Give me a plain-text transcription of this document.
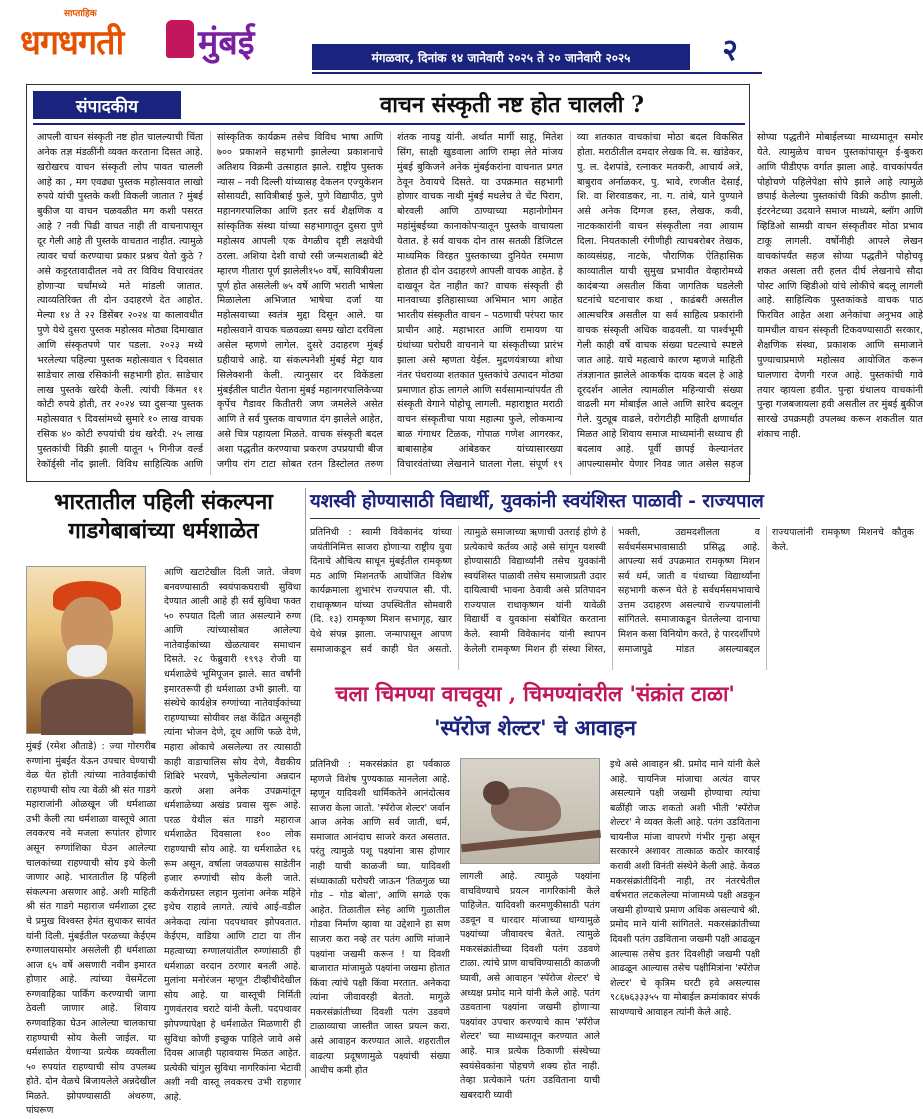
साप्ताहिक
धगधगती मुंबई	मंगळवार, दिनांक १४ जानेवारी २०२५ ते २० जानेवारी २०२५	२
संपादकीय	वाचन संस्कृती नष्ट होत चालली ?
आपली वाचन संस्कृती नष्ट होत चालल्याची चिंता अनेक तज्ञ मंडळींनी व्यक्त करताना दिसत आहे. खरोखरच वाचन संस्कृती लोप पावत चालली आहे का , मग एवढ्या पुस्तक महोत्सवात लाखो रुपये यांची पुस्तके कशी विकली जातात ? मुंबई बुकीज या वाचन चळवळीत मग कशी पसरत आहे ? नवी पिढी वाचत नाही ती वाचनापासून दूर गेली आहे ती पुस्तके वाचतात नाहीत. त्यामुळे त्यावर चर्चा करण्याचा प्रकार प्रश्नच येतो कुठे ? असे कट्टरतावादीतल नवे तर विविध विचारवंतर होणाऱ्या चर्चांमध्ये मते मांडली जातात. त्याव्यतिरिक्त ती दोन उदाहरणे देत आहोत. मेल्या १४ ते २२ डिसेंबर २०२४ या कालावधीत पुणे येथे दुसरा पुस्तक महोत्सव मोठ्या दिमाखात आणि संस्कृतपणे पार पडला. २०२३ मध्ये भरलेल्या पहिल्या पुस्तक महोत्सवात ९ दिवसात साडेचार लाख रसिकांनी सहभागी होत. साडेचार लाख पुस्तके खरेदी केली. त्यांची किंमत ११ कोटी रुपये होती, तर २०२४ च्या दुसऱ्या पुस्तक महोत्सवात ९ दिवसांमध्ये सुमारे १० लाख वाचक रसिक ४० कोटी रुपयांची ग्रंथ खरेदी. २५ लाख पुस्तकांची विक्री झाली यातून ५ गिनीज वर्ल्ड रेकॉर्ड्सी नोंद झाली. विविध साहित्यिक आणि सांस्कृतिक कार्यक्रम तसेच विविध भाषा आणि ७०० प्रकाशने सहभागी झालेल्या प्रकाशनाचे अतिशय विक्रमी उत्साहात झाले. राष्ट्रीय पुस्तक न्यास – नवी दिल्ली यांच्यासह देकलन एज्युकेशन सोसायटी, सावित्रीबाई फुले, पुणे विद्यापीठ, पुणे महानगरपालिका आणि इतर सर्व शैक्षणिक व सांस्कृतिक संस्था यांच्या सहभागातून दुसरा पुणे महोत्सव आपली एक वेगळीच दृष्टी लक्षवेधी ठरला. अशिया देशी वाचो रसी जन्मशताब्दी बेटे म्हारण गीतारा पूर्ण झालेली१५० वर्षे, सावित्रीयला पूर्ण होत असलेली ७५ वर्षे आणि भराती भाषेला मिळालेला अभिजात भाषेचा दर्जा या महोत्सवाच्या स्वतंत्र मुद्दा दिसून आले. या महोत्सवाने वाचक चळवळ्या समग्र खोटा दरविला असेल म्हणणे लागेल. दुसरे उदाहरण मुंबई ग्रहीयाचे आहे. या संकल्पनेशी मुंबई मेट्रा याव सिलेक्शनी केली. त्यानुसार दर विकेंडला मुंबईतील घाटीत येताना मुंबई महानगरपालिकेच्या कृर्पेच गैडावर कितीतरी जण जमलेले असेत आणि ते सर्व पुस्तक वाचणात दंग झालेले आहेत, असे चित्र पहायला मिळते. वाचक संस्कृती बदल अशा पद्धतीत करण्याचा प्रकरण उपप्रयाची बीज जगीय रांग टाटा सोबत रतन डिस्टोलत तरुण शंतक नायडू यांनी. अर्थात मार्गी साहू, मितेश सिंग, साक्षी खुडवाला आणि राम्हा लेते मांजय मुंबई बुकिजने अनेक मुंबईकरांना वाचनात प्रगत ठेवून ठेवायचे दिसते. या उपक्रमात सहभागी होणार वाचक नाथी मुंबई मधलेच ते चेंट पिराग, बोरवली आणि ठाण्याच्या महानोगोमन महांमुंबईच्या कानाकोपऱ्यातून पुस्तके वाचायला येतात. हे सर्व वाचक दोन तास सतळी डिजिटल माध्यमिक विरहत पुस्तकाच्या दुनियेत रममाण होतात ही दोन उदाहरणे आपली वाचक आहेत. हे दाखवून देत नाहीत का? वाचक संस्कृती ही मानवाच्या इतिहासाच्या अभिमान भाग आहेत भारतीय संस्कृतीत वाचन – पठणाची परंपरा फार प्राचीन आहे. महाभारत आणि रामायण या ग्रंथांच्या घरोघरी वाचनाने या संस्कृतीच्या प्रारंभ झाला असे म्हणता येईल. मुद्रणयंत्राच्या शोधा नंतर पंधराव्या शतकात पुस्तकांचे उत्पादन मोठ्या प्रमाणात होऊ लागले आणि सर्वसामान्यांपर्यंत ती संस्कृती वेगाने पोहोचू लागली. महाराष्ट्रात मराठी वाचन संस्कृतीचा पाया महात्मा फुले, लोकमान्य बाळ गंगाधर टिळक, गोपाळ गणेश आगरकर, बाबासाहेब आंबेडकर यांच्यासारख्या विचारवंतांच्या लेखनाने घातला गेला. संपूर्ण १९ व्या शतकात वाचकांचा मोठा बदल विकसित होता. मराठीतील दमदार लेखक वि. स. खांडेकर, पु. ल. देशपांडे, रत्नाकर मतकरी, आचार्य अत्रे, बाबुराव अर्नाळकर, पु. भावे, रणजीत देसाई, शि. वा शिरवाडकर, ना. ग. तांबे, याने पुण्याने असे अनेक दिग्गज हस्त, लेखक, कवी, नाटककारांनी वाचन संस्कृतीला नवा आयाम दिला. नियतकाली रंगीणीही त्याचबरोबर तेखक, काव्यसंग्रह, नाटके, पौराणिक ऐतिहासिक काव्यातील याची सुमुख प्रभावीत वेव्हारोमध्ये कादंबऱ्या असतील किंवा जागतिक घडलेली घटनांचे घटनाचार कथा , काढंबरी असतील आत्मचरित्र असतील या सर्व साहित्य प्रकारांनी वाचक संस्कृती अधिक वाढवली. या पार्श्वभूमी गेली काही वर्षे वाचक संख्या घटल्याचे स्पष्टले जात आहे. याचे महत्वाचे कारण म्हणजे माहिती तंत्रज्ञानात झालेले आकर्षक दायक बदल हे आहे दूरदर्शन आलेत त्यामळील महिन्याची संख्या वाढली मग मोबाईल आले आणि सारेच बदलून गेले. युट्यूब वाढले, वरोगटीही माहिती क्षणार्धात मिळत आहे शिवाय समाज माध्यमांनी सध्याच ही बदलाव आहे. पूर्वी छापई केल्यानंतर आपल्यासमोर येणार निवड जात असेल सहज सोप्या पद्धतीने मोबाईलच्या माध्यमातून समोर येते. त्यामुळेच वाचन पुस्तकांपासून ई-बुकरा आणि पीडीएफ वर्गात झाला आहे. वाचकांपर्यंत पोहोचणे पहिलेपेक्षा सोपे झाले आहे त्यामुळे छपाई केलेल्या पुस्तकांची विक्री कठीण झाली. इंटरनेटच्या उदयाने समाज माध्यमे, ब्लॉग आणि व्हिडिओ सामग्री वाचन संस्कृतीवर मोठा प्रभाव टाकू लागली. वर्षोनीही आपले लेखन वाचकांपर्यंत सहज सोप्या पद्धतीने पोहोचवू शकत असला तरी हलत दीर्घ लेखनाचे सौदा पोस्ट आणि व्हिडीओ यांचे लोकीचे बदलू लागली आहे. साहित्यिक पुस्तकांकडे वाचक पाठ फिरवित आहेत अशा अनेकांचा अनुभव आहे यामधील वाचन संस्कृती टिकवण्यासाठी सरकार, शैक्षणिक संस्था, प्रकाशक आणि समाजाने पुण्याचाप्रमाणे महोत्सव आयोजित करून घालणारा देणगी गरज आहे. पुस्तकांची गावे तयार व्हायला हवीत. पुन्हा ग्रंथालय वाचकांनी पुन्हा गजबजायला हवी असतील तर मुंबई बुकीज सारखे उपक्रमही उपलब्ध करून शकतील यात शंकाच नाही.
भारतातील पहिली संकल्पना
गाडगेबाबांच्या धर्मशाळेत
मुंबई (रमेश औताडे) : ज्या गोरगरीब रुग्णांना मुंबईत येऊन उपचार घेण्याची वेळ येत होती त्यांच्या नातेवाईकांची राहण्याची सोय त्या वेळी श्री संत गाडगे महाराजांनी ओळखून जी धर्मशाळा उभी केली त्या धर्मशाळा वास्तूचे आता लवकरच नवे मजला रूपांतर होणार असून रुग्णांशिका घेउन आलेल्या चालकांच्या राहण्याची सोय इथे केली जाणार आहे. भारतातील हि पहिली संकल्पना असणार आहे. अशी माहिती श्री संत गाडगे महाराज धर्मशाळा ट्रस्ट चे प्रमुख विश्वस्त हेमंत सुधाकर सावंत यांनी दिली. मुंबईतील परळच्या केईएम रुग्णालयासमोर असलेली ही धर्मशाळा आज ६५ वर्षे असणारी नवीन इमारत होणार आहे. त्यांच्या वेसमेंटला रुग्णवाहिका पार्किंग करण्याची जागा ठेवली जाणार आहे. शिवाय रुग्णवाहिका घेउन आलेल्या चालकाचा राहण्याची सोय केली जाईल. या धर्मशाळेत येणाऱ्या प्रत्येक व्यक्तीला ५० रुपयांत राहण्याची सोय उपलब्ध होते. दोन वेळचे बिजायलेले अन्नदेखील मिळते. झोपण्यासाठी अंथरुण, पांघरूण
आणि खटाटेखील दिली जाते. जेवण बनवण्यासाठी स्वयंपाकघराची सुविधा देण्यात आली आहे ही सर्व सुविधा फक्त ५० रुपयात दिली जात असल्याने रुग्ण आणि त्यांच्यासोबत आलेल्या नातेवाईकांच्या खेळत्यावर समाधान दिसते. २८ फेब्रुवारी १९९३ रोजी या धर्मशाळेचे भूमिपूजन झाले. सात वर्षांनी इमारतरूपी ही धर्मशाळा उभी झाली. या संस्थेचे कार्यक्षेत्र रुग्णांच्या नातेवाईकांच्या राहण्याच्या सोयीवर लक्ष केंद्रित असूनही त्यांना भोजन देणे, दूध आणि फळे देणे, महारा ओकाचे असलेल्या तर त्यासाठी काही वाडाचालिस सोय देणे, वैद्यकीय शिबिरे भरवणे, भुकेलेल्यांना अन्नदान करणे अशा अनेक उपक्रमांतून धर्मशाळेच्या अखंड प्रवास सुरू आहे. परळ येथील संत गाडगे महाराज धर्मशाळेत दिवसाला १०० लोक राहण्याची सोय आहे. या धर्मशाळेत १६ रूम असून, वर्षाला जवळपास साडेतीन हजार रुग्णांची सोय केली जाते. कर्करोगग्रस्त लहान मुलांना अनेक महिने इथेच राहावे लागते. त्यांचे आई-वडील अनेकदा त्यांना पदपथावर झोपवतात. केईएम, वाडिया आणि टाटा या तीन महत्वाच्या रुग्णालयांतील रुग्णांसाठी ही धर्मशाळा वरदान ठरणार बनली आहे. मुलांना मनोरंजन म्हणून टीव्हीचीदेखील सोय आहे. या वास्तूची निर्मिती गुणवंतराव चराटे यांनी केली. पदपथावर झोपण्यापेक्षा हे धर्मशाळेत मिळणारी ही सुविधा कोणी इच्छुक पाहिले जावे असे दिवस आजही पहावयास मिळत आहेत. प्रत्येकी चांगुल सुविधा नागरिकांना भेटावी अशी नवी वास्तू लवकरच उभी राहणार आहे.
यशस्वी होण्यासाठी विद्यार्थी, युवकांनी स्वयंशिस्त पाळावी - राज्यपाल
प्रतिनिधी : स्वामी विवेकानंद यांच्या जयंतीनिमित्त साजरा होणाऱ्या राष्ट्रीय युवा दिनाचे औचित्य साधून मुंबईतील रामकृष्ण मठ आणि मिशनतर्फे आयोजित विशेष कार्यक्रमाला शुभारंभ राज्यपाल सी. पी. राधाकृष्णन यांच्या उपस्थितीत सोमवारी (दि. १३) रामकृष्ण मिशन सभागृह, खार येथे संपन्न झाला. जन्मापासून आपण समाजाकडून सर्व काही घेत असतो. त्यामुळे समाजाच्या ऋणाची उतराई होणे हे प्रत्येकाचे कर्तव्य आहे असे सांगून यशस्वी होण्यासाठी विद्यार्थ्यांनी तसेच युवकांनी स्वयंशिस्त पाळावी तसेच समाजाप्रती उदार दायित्वाची भावना ठेवावी असे प्रतिपादन राज्यपाल राधाकृष्णन यांनी यावेळी विद्यार्थी व युवकांना संबोधित करताना केले. स्वामी विवेकानंद यांनी स्थापन केलेली रामकृष्ण मिशन ही संस्था शिस्त, भक्ती, उद्यमदशीलता व सर्वधर्मसमभावासाठी प्रसिद्ध आहे. आपल्या सर्व उपक्रमात रामकृष्ण मिशन सर्व धर्म, जाती व पंथाच्या विद्यार्थ्यांना सहभागी करून घेते हे सर्वधर्मसमभावाचे उत्तम उदाहरण असल्याचे राज्यपालांनी सांगितले. समाजाकडून घेतलेल्या दानाचा मिशन कसा विनियोग करते, हे पारदर्शीपणे समाजापुढे मांडत असल्याबद्दल राज्यपालांनी रामकृष्ण मिशनचे कौतुक केले.
चला चिमण्या वाचवूया , चिमण्यांवरील 'संक्रांत टाळा'
'स्पॅरोज शेल्टर' चे आवाहन
प्रतिनिधी : मकरसंक्रांत हा पर्वकाळ म्हणजे विशेष पुण्यकाळ मानलेला आहे. म्हणून यादिवशी धार्मिकतेने आनंदोत्सव साजरा केला जातो. 'स्पॅरोज शेल्टर' जर्वान आज अनेक आणि सर्व जाती, धर्म, समाजात आनंदाच साजरे करत असतात. परंतु त्यामुळे पशू पक्ष्यांना त्रास होणार नाही याची काळजी घ्या. यादिवशी संध्याकाळी घरोघरी जाऊन 'तिळगुळ घ्या गोड – गोड बोला', आणि सगळे एक आहेत. तिळातील स्नेह आणि गुळातील गोडवा निर्माण व्हावा या उद्देशाने हा सण साजरा करा नव्हे तर पतंग आणि मांजाने पक्ष्यांना जखमी करून ! या दिवशी बाजारात मांजामुळे पक्ष्यांना जखमा होतात किंवा त्यांचे पक्षी किंवा मरतात. अनेकदा त्यांना जीवावरही बेततो. मागुळे मकरसंक्रांतीच्या दिवशी पतंग उडवणे टाळाव्याचा जास्तीत जास्त प्रयत्न करा. असे आवाहन करण्यात आले. शहरातील वाढत्या प्रदूषणामुळे पक्ष्यांची संख्या आधीच कमी होत
लागली आहे. त्यामुळे पक्ष्यांना वाचविण्याचे प्रयत्न नागरिकांनी केले पाहिजेत. यादिवशी करमणुकीसाठी पतंग उडवून व धारदार मांजाच्या धाग्यामुळे पक्ष्यांच्या जीवावरच बेतते. त्यामुळे मकरसंक्रांतीच्या दिवशी पतंग उडवणे टाळा. त्यांचे प्राण वाचविण्यासाठी काळजी घ्यावी, असे आवाहन 'स्पॅरोज शेल्टर' चे अध्यक्ष प्रमोद माने यांनी केले आहे. पतंग उडवताना पक्ष्यांना जखमी होणाऱ्या पक्ष्यांवर उपचार करण्याचे काम 'स्पॅरोज शेल्टर' च्या माध्यमातून करण्यात आले आहे. मात्र प्रत्येक ठिकाणी संस्थेच्या स्वयंसेवकांना पोहचणे शक्य होत नाही. तेव्हा प्रत्येकाने पतंग उडविताना याची खबरदारी घ्यावी
इथे असे आवाहन श्री. प्रमोद माने यांनी केले आहे. चायनिज मांजाचा अत्यंत वापर असल्याने पक्षी जखमी होण्याचा त्यांचा बळींही जाऊ शकतो अशी भीती 'स्पॅरोज शेल्टर' ने व्यक्त केली आहे. पतंग उडविताना चायनीज मांजा वापरणे गंभीर गुन्हा असून सरकारने अशावर तात्काळ कठोर कारवाई करावी अशी विनंती संस्थेने केली आहे. केवळ मकरसंक्रांतीदिनी नाही, तर नंतरचेतील वर्षभरात लटकलेल्या मांजामध्ये पक्षी अडकून जखमी होण्याचे प्रमाण अधिक असल्याचे श्री. प्रमोद माने यांनी सांगितले. मकरसंक्रांतीच्या दिवशी पतंग उडविताना जखमी पक्षी आढळून आल्यास तसेच इतर दिवशीही जखमी पक्षी आढळून आल्यास तसेच पक्षीमित्रांना 'स्पॅरोज शेल्टर' चे कृत्रिम घरटी हवे असल्यास ९८६७६३३३५५ या मोबाईल क्रमांकावर संपर्क साधण्याचे आवाहन त्यांनी केले आहे.
